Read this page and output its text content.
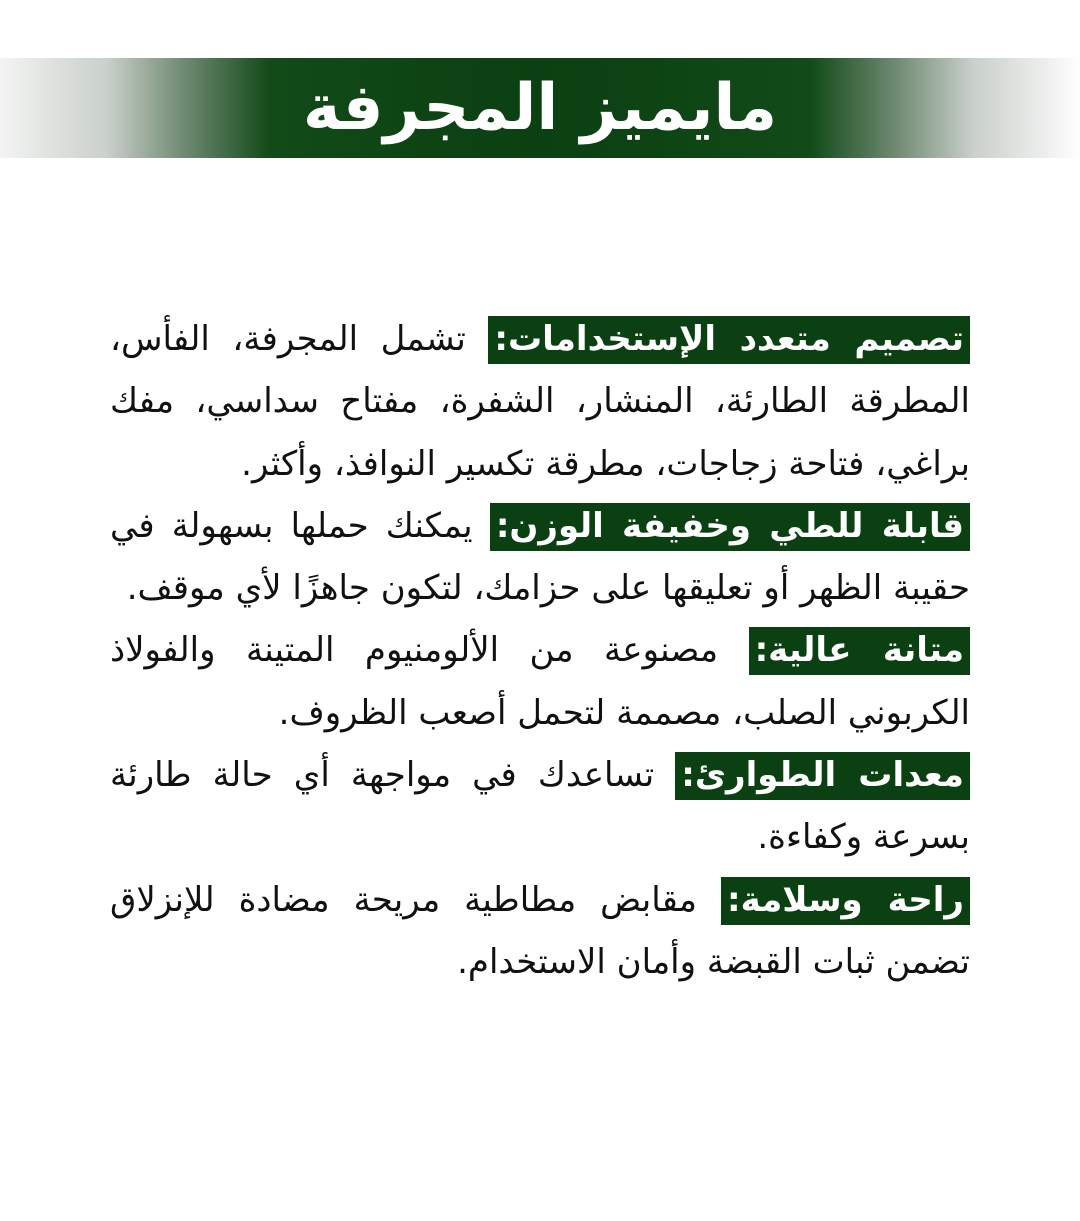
مايميز المجرفة

تصميم متعدد الإستخدامات: تشمل المجرفة، الفأس، المطرقة الطارئة، المنشار، الشفرة، مفتاح سداسي، مفك براغي، فتاحة زجاجات، مطرقة تكسير النوافذ، وأكثر.

قابلة للطي وخفيفة الوزن: يمكنك حملها بسهولة في حقيبة الظهر أو تعليقها على حزامك، لتكون جاهزًا لأي موقف.

متانة عالية: مصنوعة من الألومنيوم المتينة والفولاذ الكربوني الصلب، مصممة لتحمل أصعب الظروف.

معدات الطوارئ: تساعدك في مواجهة أي حالة طارئة بسرعة وكفاءة.

راحة وسلامة: مقابض مطاطية مريحة مضادة للإنزلاق تضمن ثبات القبضة وأمان الاستخدام.
